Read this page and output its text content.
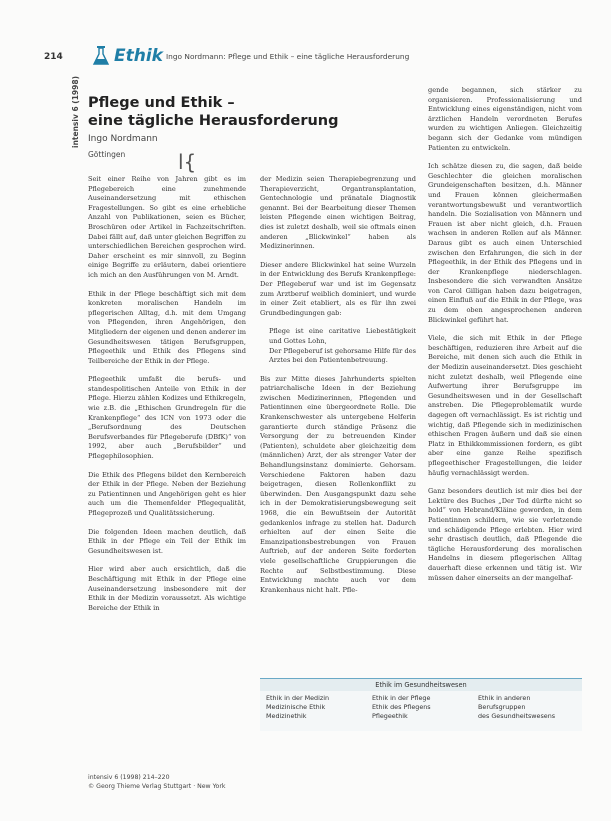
214	Ethik Ingo Nordmann: Pflege und Ethik – eine tägliche Herausforderung
intensiv 6 (1998) Pflege und Ethik –
eine tägliche Herausforderung
Ingo Nordmann
Göttingen	l{

Seit einer Reihe von Jahren gibt es im Pflegebereich eine zunehmende Auseinandersetzung mit ethischen Fragestellungen. So gibt es eine erhebliche Anzahl von Publikationen, seien es Bücher, Broschüren oder Artikel in Fachzeitschriften. Dabei fällt auf, daß unter gleichen Begriffen zu unterschiedlichen Bereichen gesprochen wird. Daher erscheint es mir sinnvoll, zu Beginn einige Begriffe zu erläutern, dabei orientiere ich mich an den Ausführungen von M. Arndt.

Ethik in der Pflege beschäftigt sich mit dem konkreten moralischen Handeln im pflegerischen Alltag, d.h. mit dem Umgang von Pflegenden, ihren Angehörigen, den Mitgliedern der eigenen und denen anderer im Gesundheitswesen tätigen Berufsgruppen, Pflegeethik und Ethik des Pflegens sind Teilbereiche der Ethik in der Pflege.

Pflegeethik umfaßt die berufs- und standespolitischen Anteile von Ethik in der Pflege. Hierzu zählen Kodizes und Ethikregeln, wie z.B. die „Ethischen Grundregeln für die Krankenpflege“ des ICN von 1973 oder die „Berufsordnung des Deutschen Berufsverbandes für Pflegeberufe (DBfK)“ von 1992, aber auch „Berufsbilder“ und Pflegephilosophien.

Die Ethik des Pflegens bildet den Kernbereich der Ethik in der Pflege. Neben der Beziehung zu Patientinnen und Angehörigen geht es hier auch um die Themenfelder Pflegequalität, Pflegeprozeß und Qualitätssicherung.

Die folgenden Ideen machen deutlich, daß Ethik in der Pflege ein Teil der Ethik im Gesundheitswesen ist.

Hier wird aber auch ersichtlich, daß die Beschäftigung mit Ethik in der Pflege eine Auseinandersetzung insbesondere mit der Ethik in der Medizin voraussetzt. Als wichtige Bereiche der Ethik in

der Medizin seien Therapiebegrenzung und Therapieverzicht, Organtransplantation, Gentechnologie und pränatale Diagnostik genannt. Bei der Bearbeitung dieser Themen leisten Pflegende einen wichtigen Beitrag, dies ist zuletzt deshalb, weil sie oftmals einen anderen „Blickwinkel“ haben als Medizinerinnen.

Dieser andere Blickwinkel hat seine Wurzeln in der Entwicklung des Berufs Krankenpflege: Der Pflegeberuf war und ist im Gegensatz zum Arztberuf weiblich dominiert, und wurde in einer Zeit etabliert, als es für ihn zwei Grundbedingungen gab:

• Pflege ist eine caritative Liebestätigkeit und Gottes Lohn,
• Der Pflegeberuf ist gehorsame Hilfe für des Arztes bei den Patientenbetreuung.

Bis zur Mitte dieses Jahrhunderts spielten patriarchalische Ideen in der Beziehung zwischen Medizinerinnen, Pflegenden und Patientinnen eine übergeordnete Rolle. Die Krankenschwester als untergebene Helferin garantierte durch ständige Präsenz die Versorgung der zu betreuenden Kinder (Patienten), schuldete aber gleichzeitig dem (männlichen) Arzt, der als strenger Vater der Behandlungsinstanz dominierte. Gehorsam. Verschiedene Faktoren haben dazu beigetragen, diesen Rollenkonflikt zu überwinden. Den Ausgangspunkt dazu sehe ich in der Demokratisierungsbewegung seit 1968, die ein Bewußtsein der Autorität gedankenlos infrage zu stellen hat. Dadurch erhielten auf der einen Seite die Emanzipationsbestrebungen von Frauen Auftrieb, auf der anderen Seite forderten viele gesellschaftliche Gruppierungen die Rechte auf Selbstbestimmung. Diese Entwicklung machte auch vor dem Krankenhaus nicht halt. Pfle-

gende begannen, sich stärker zu organisieren. Professionalisierung und Entwicklung eines eigenständigen, nicht vom ärztlichen Handeln verordneten Berufes wurden zu wichtigen Anliegen. Gleichzeitig begann sich der Gedanke vom mündigen Patienten zu entwickeln.

Ich schätze diesen zu, die sagen, daß beide Geschlechter die gleichen moralischen Grundeigenschaften besitzen, d.h. Männer und Frauen können gleichermaßen verantwortungsbewußt und verantwortlich handeln. Die Sozialisation von Männern und Frauen ist aber nicht gleich, d.h. Frauen wachsen in anderen Rollen auf als Männer. Daraus gibt es auch einen Unterschied zwischen den Erfahrungen, die sich in der Pflegeethik, in der Ethik des Pflegens und in der Krankenpflege niederschlagen. Insbesondere die sich verwandten Ansätze von Carol Gilligan haben dazu beigetragen, einen Einfluß auf die Ethik in der Pflege, was zu dem oben angesprochenen anderen Blickwinkel geführt hat.

Viele, die sich mit Ethik in der Pflege beschäftigen, reduzieren ihre Arbeit auf die Bereiche, mit denen sich auch die Ethik in der Medizin auseinandersetzt. Dies geschieht nicht zuletzt deshalb, weil Pflegende eine Aufwertung ihrer Berufsgruppe im Gesundheitswesen und in der Gesellschaft anstreben. Die Pflegeproblematik wurde dagegen oft vernachlässigt. Es ist richtig und wichtig, daß Pflegende sich in medizinischen ethischen Fragen äußern und daß sie einen Platz in Ethikkommissionen fordern, es gibt aber eine ganze Reihe spezifisch pflegeethischer Fragestellungen, die leider häufig vernachlässigt werden.

Ganz besonders deutlich ist mir dies bei der Lektüre des Buches „Der Tod dürfte nicht so hold“ von Hebrand/Kläine geworden, in dem Patientinnen schildern, wie sie verletzende und schädigende Pflege erlebten. Hier wird sehr drastisch deutlich, daß Pflegende die tägliche Herausforderung des moralischen Handelns in diesem pflegerischen Alltag dauerhaft diese erkennen und tätig ist. Wir müssen daher einerseits an der mangelhaf-

Ethik im Gesundheitswesen
Ethik in der Medizin
Medizinische Ethik
Medizinethik
Ethik in der Pflege
Ethik des Pflegens
Pflegeethik
Ethik in anderen
Berufsgruppen
des Gesundheitswesens
intensiv 6 (1998) 214–220
© Georg Thieme Verlag Stuttgart · New York
